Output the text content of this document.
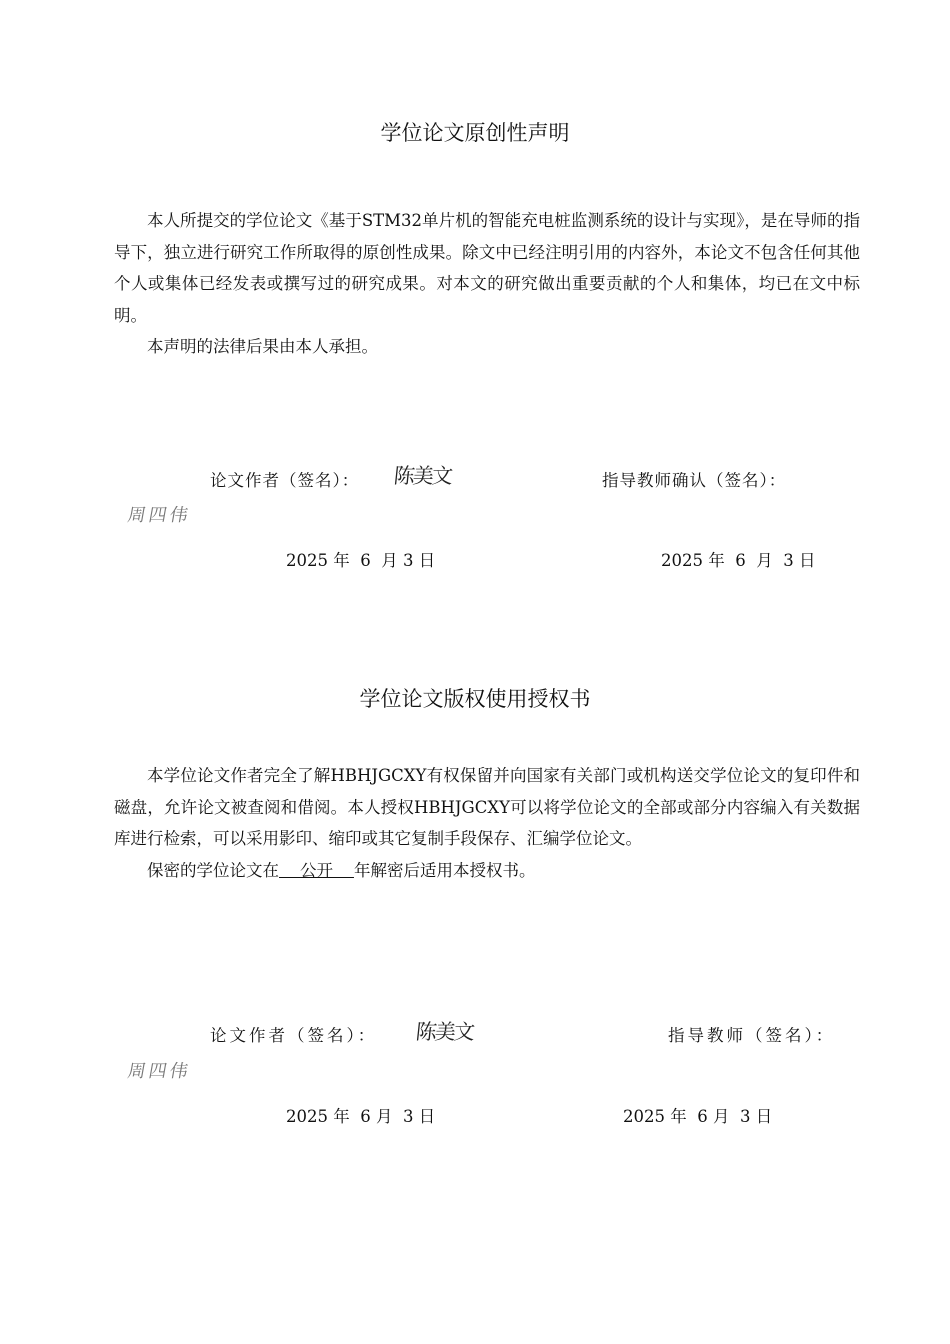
学位论文原创性声明

本人所提交的学位论文《基于STM32单片机的智能充电桩监测系统的设计与实现》，是在导师的指导下，独立进行研究工作所取得的原创性成果。除文中已经注明引用的内容外，本论文不包含任何其他个人或集体已经发表或撰写过的研究成果。对本文的研究做出重要贡献的个人和集体，均已在文中标明。

本声明的法律后果由本人承担。

论文作者（签名）： 陈美文	指导教师确认（签名）：
周四伟
2025 年  6  月 3 日	2025 年  6  月  3 日
学位论文版权使用授权书

本学位论文作者完全了解HBHJGCXY有权保留并向国家有关部门或机构送交学位论文的复印件和磁盘，允许论文被查阅和借阅。本人授权HBHJGCXY可以将学位论文的全部或部分内容编入有关数据库进行检索，可以采用影印、缩印或其它复制手段保存、汇编学位论文。

保密的学位论文在    公开    年解密后适用本授权书。

论文作者（签名）： 陈美文	指导教师（签名）：
周四伟
2025 年  6 月  3 日	2025 年  6 月  3 日
